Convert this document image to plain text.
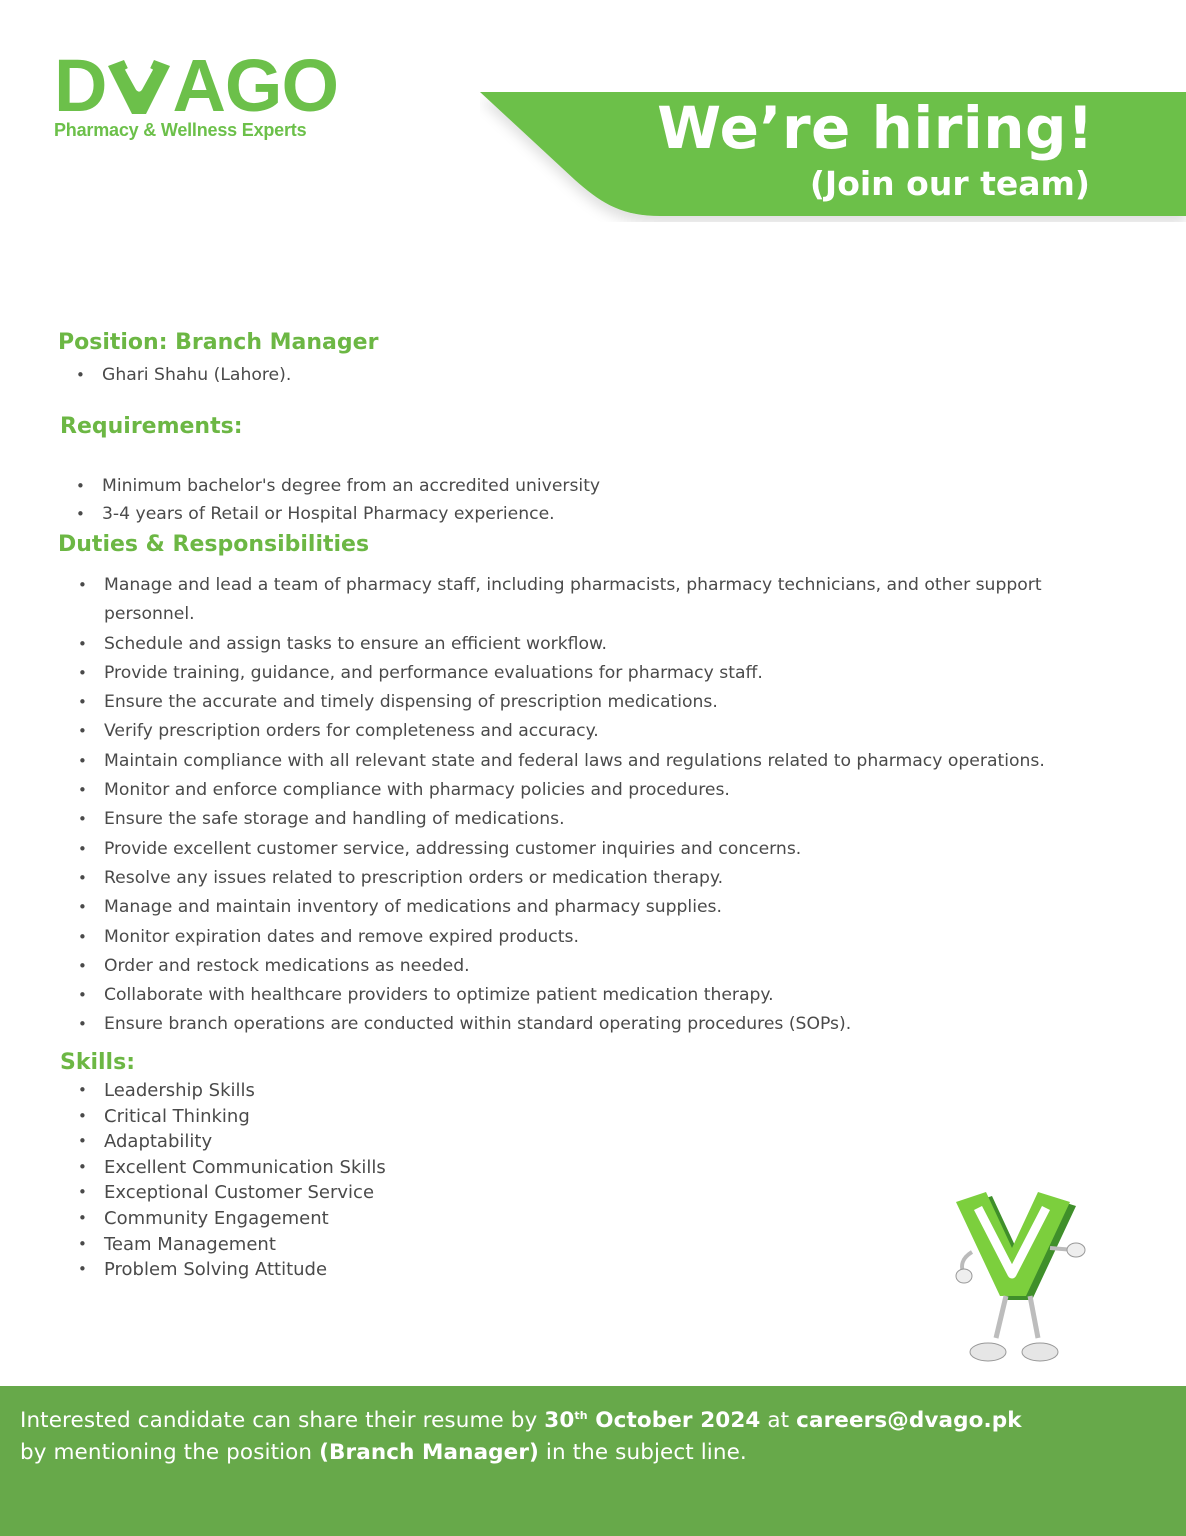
D AGO
Pharmacy & Wellness Experts	We’re hiring!
(Join our team)
Position: Branch Manager
• Ghari Shahu (Lahore).
Requirements:
• Minimum bachelor's degree from an accredited university
• 3-4 years of Retail or Hospital Pharmacy experience.
Duties & Responsibilities
• Manage and lead a team of pharmacy staff, including pharmacists, pharmacy technicians, and other support personnel.
• Schedule and assign tasks to ensure an efficient workflow.
• Provide training, guidance, and performance evaluations for pharmacy staff.
• Ensure the accurate and timely dispensing of prescription medications.
• Verify prescription orders for completeness and accuracy.
• Maintain compliance with all relevant state and federal laws and regulations related to pharmacy operations.
• Monitor and enforce compliance with pharmacy policies and procedures.
• Ensure the safe storage and handling of medications.
• Provide excellent customer service, addressing customer inquiries and concerns.
• Resolve any issues related to prescription orders or medication therapy.
• Manage and maintain inventory of medications and pharmacy supplies.
• Monitor expiration dates and remove expired products.
• Order and restock medications as needed.
• Collaborate with healthcare providers to optimize patient medication therapy.
• Ensure branch operations are conducted within standard operating procedures (SOPs).
Skills:
• Leadership Skills
• Critical Thinking
• Adaptability
• Excellent Communication Skills
• Exceptional Customer Service
• Community Engagement
• Team Management
• Problem Solving Attitude
Interested candidate can share their resume by 30th October 2024 at careers@dvago.pk
by mentioning the position (Branch Manager) in the subject line.
